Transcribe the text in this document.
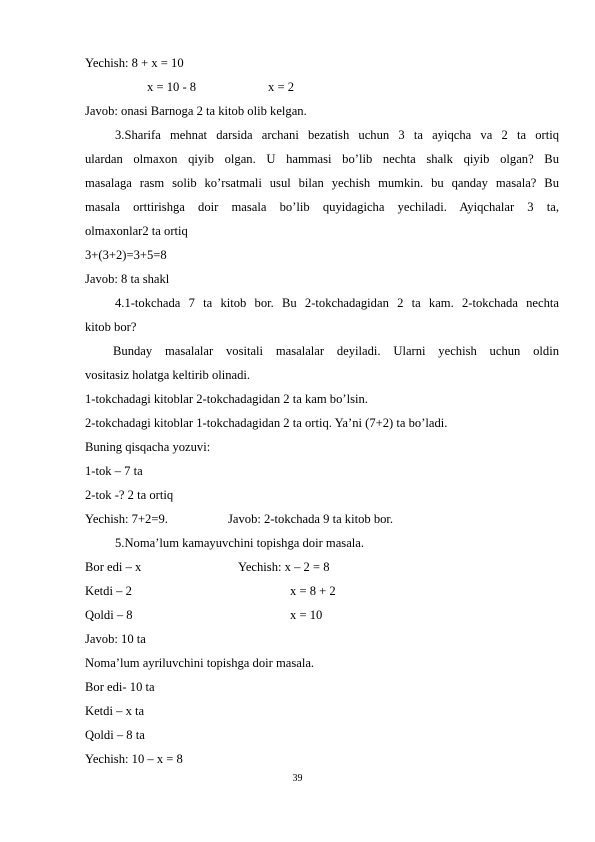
Yechish: 8 + x = 10
x = 10 - 8	x = 2
Javob: onasi Barnoga 2 ta kitob olib kelgan.
3.Sharifa mehnat darsida archani bezatish uchun 3 ta ayiqcha va 2 ta ortiq
ulardan olmaxon qiyib olgan. U hammasi bo’lib nechta shalk qiyib olgan? Bu
masalaga rasm solib ko’rsatmali usul bilan yechish mumkin. bu qanday masala? Bu
masala orttirishga doir masala bo’lib quyidagicha yechiladi. Ayiqchalar 3 ta,
olmaxonlar2 ta ortiq
3+(3+2)=3+5=8
Javob: 8 ta shakl
4.1-tokchada 7 ta kitob bor. Bu 2-tokchadagidan 2 ta kam. 2-tokchada nechta
kitob bor?
Bunday masalalar vositali masalalar deyiladi. Ularni yechish uchun oldin
vositasiz holatga keltirib olinadi.
1-tokchadagi kitoblar 2-tokchadagidan 2 ta kam bo’lsin.
2-tokchadagi kitoblar 1-tokchadagidan 2 ta ortiq. Ya’ni (7+2) ta bo’ladi.
Buning qisqacha yozuvi:
1-tok – 7 ta
2-tok -? 2 ta ortiq
Yechish: 7+2=9.	Javob: 2-tokchada 9 ta kitob bor.
5.Noma’lum kamayuvchini topishga doir masala.
Bor edi – x	Yechish: x – 2 = 8
Ketdi – 2	x = 8 + 2
Qoldi – 8	x = 10
Javob: 10 ta
Noma’lum ayriluvchini topishga doir masala.
Bor edi- 10 ta
Ketdi – x ta
Qoldi – 8 ta
Yechish: 10 – x = 8
39
